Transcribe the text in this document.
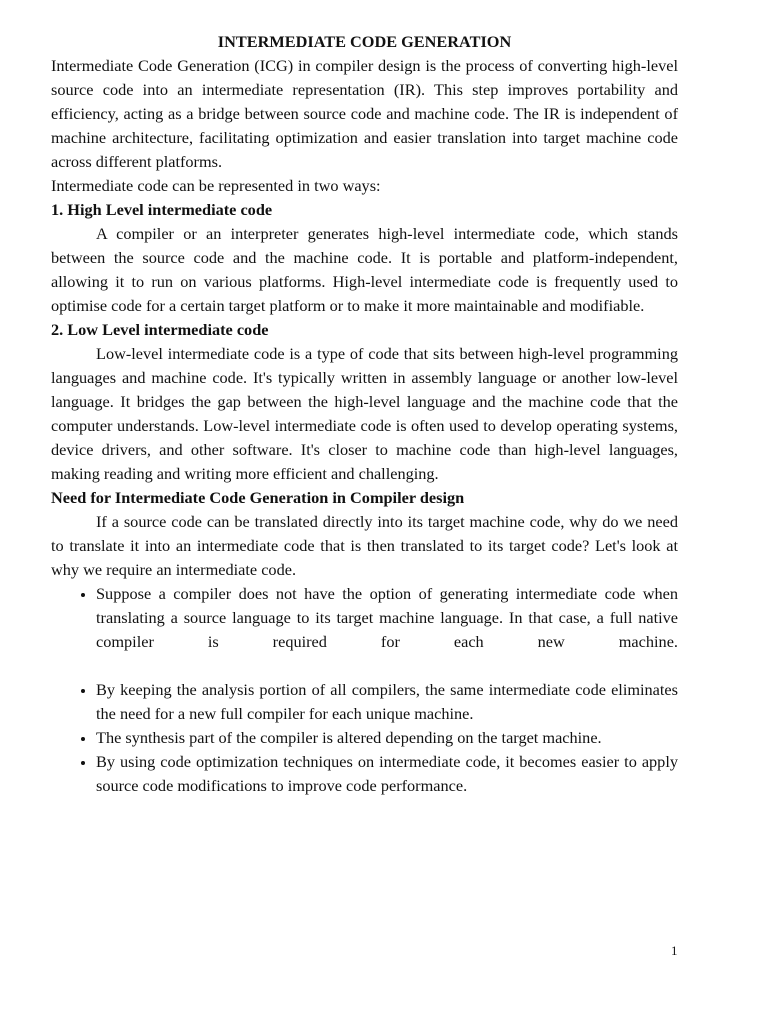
INTERMEDIATE CODE GENERATION

Intermediate Code Generation (ICG) in compiler design is the process of converting high-level source code into an intermediate representation (IR). This step improves portability and efficiency, acting as a bridge between source code and machine code. The IR is independent of machine architecture, facilitating optimization and easier translation into target machine code across different platforms.

Intermediate code can be represented in two ways:

1. High Level intermediate code

A compiler or an interpreter generates high-level intermediate code, which stands between the source code and the machine code. It is portable and platform-independent, allowing it to run on various platforms. High-level intermediate code is frequently used to optimise code for a certain target platform or to make it more maintainable and modifiable.

2. Low Level intermediate code

Low-level intermediate code is a type of code that sits between high-level programming languages and machine code. It's typically written in assembly language or another low-level language. It bridges the gap between the high-level language and the machine code that the computer understands. Low-level intermediate code is often used to develop operating systems, device drivers, and other software. It's closer to machine code than high-level languages, making reading and writing more efficient and challenging.

Need for Intermediate Code Generation in Compiler design

If a source code can be translated directly into its target machine code, why do we need to translate it into an intermediate code that is then translated to its target code? Let's look at why we require an intermediate code.

• Suppose a compiler does not have the option of generating intermediate code when translating a source language to its target machine language. In that case, a full native compiler is required for each new machine.
• By keeping the analysis portion of all compilers, the same intermediate code eliminates the need for a new full compiler for each unique machine.
• The synthesis part of the compiler is altered depending on the target machine.
• By using code optimization techniques on intermediate code, it becomes easier to apply source code modifications to improve code performance.
1
